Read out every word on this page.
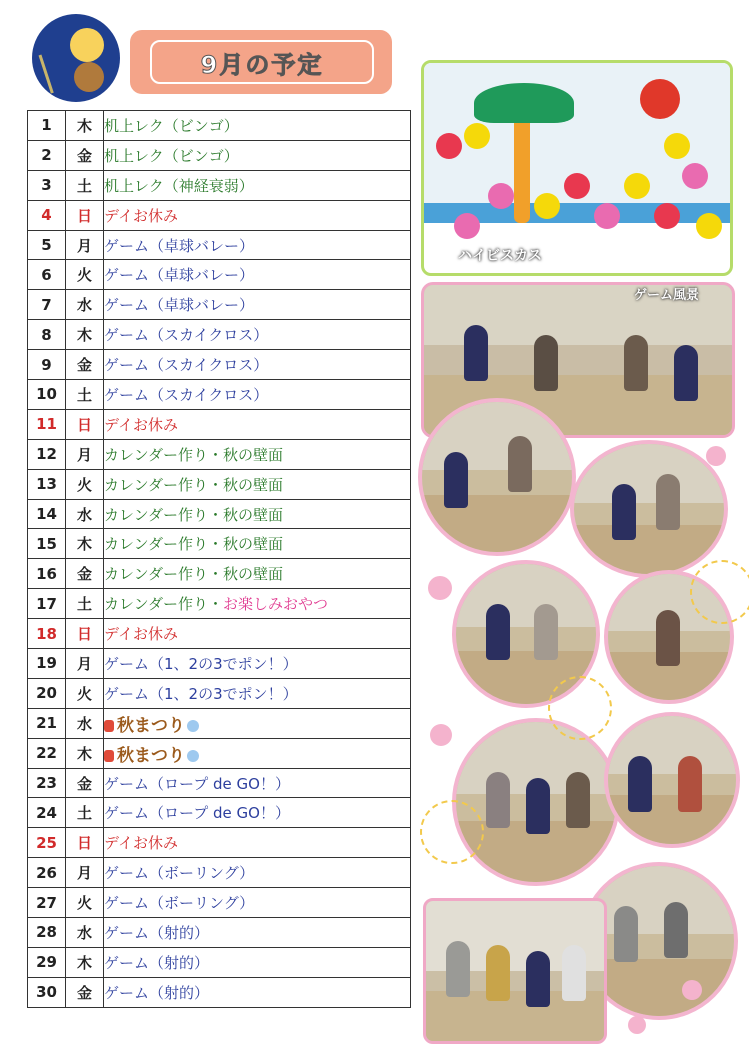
9月の予定
1	木	机上レク（ビンゴ）
2	金	机上レク（ビンゴ）
3	土	机上レク（神経衰弱）
4	日	デイお休み
5	月	ゲーム（卓球バレー）
6	火	ゲーム（卓球バレー）
7	水	ゲーム（卓球バレー）
8	木	ゲーム（スカイクロス）
9	金	ゲーム（スカイクロス）
10	土	ゲーム（スカイクロス）
11	日	デイお休み
12	月	カレンダー作り・秋の壁面
13	火	カレンダー作り・秋の壁面
14	水	カレンダー作り・秋の壁面
15	木	カレンダー作り・秋の壁面
16	金	カレンダー作り・秋の壁面
17	土	カレンダー作り・お楽しみおやつ
18	日	デイお休み
19	月	ゲーム（1、2の3でポン！）
20	火	ゲーム（1、2の3でポン！）
21	水	秋まつり
22	木	秋まつり
23	金	ゲーム（ロープ de GO！）
24	土	ゲーム（ロープ de GO！）
25	日	デイお休み
26	月	ゲーム（ボーリング）
27	火	ゲーム（ボーリング）
28	水	ゲーム（射的）
29	木	ゲーム（射的）
30	金	ゲーム（射的）
ハイビスカス
ゲーム風景
